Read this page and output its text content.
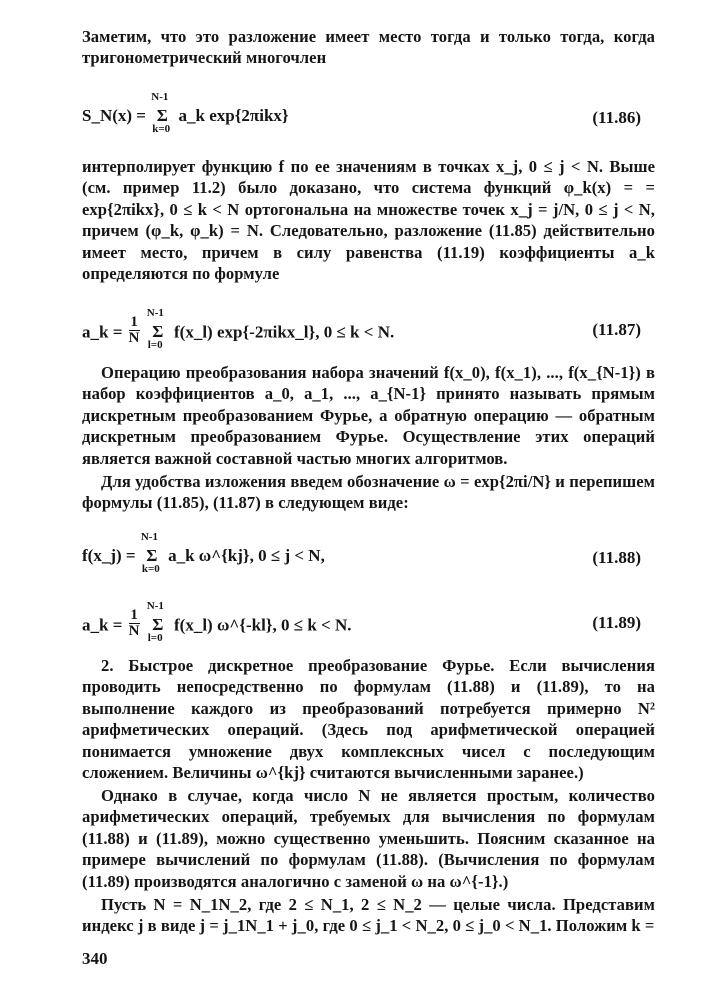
Заметим, что это разложение имеет место тогда и только тогда, когда тригонометрический многочлен

S_N(x) = Σ
N-1
k=0
a_k exp{2πikx}	(11.86)

интерполирует функцию f по ее значениям в точках x_j, 0 ≤ j < N. Выше (см. пример 11.2) было доказано, что система функций φ_k(x) = = exp{2πikx}, 0 ≤ k < N ортогональна на множестве точек x_j = j/N, 0 ≤ j < N, причем (φ_k, φ_k) = N. Следовательно, разложение (11.85) действительно имеет место, причем в силу равенства (11.19) коэффициенты a_k определяются по формуле

a_k = $\frac{1}{N}$ Σ
N-1
l=0
f(x_l) exp{-2πikx_l}, 0 ≤ k < N.	(11.87)

Операцию преобразования набора значений f(x_0), f(x_1), ..., f(x_{N-1}) в набор коэффициентов a_0, a_1, ..., a_{N-1} принято называть прямым дискретным преобразованием Фурье, а обратную операцию — обратным дискретным преобразованием Фурье. Осуществление этих операций является важной составной частью многих алгоритмов.

Для удобства изложения введем обозначение ω = exp{2πi/N} и перепишем формулы (11.85), (11.87) в следующем виде:

f(x_j) = Σ
N-1
k=0
a_k ω^{kj}, 0 ≤ j < N,	(11.88)
a_k = $\frac{1}{N}$ Σ
N-1
l=0
f(x_l) ω^{-kl}, 0 ≤ k < N.	(11.89)

2. Быстрое дискретное преобразование Фурье. Если вычисления проводить непосредственно по формулам (11.88) и (11.89), то на выполнение каждого из преобразований потребуется примерно N² арифметических операций. (Здесь под арифметической операцией понимается умножение двух комплексных чисел с последующим сложением. Величины ω^{kj} считаются вычисленными заранее.)

Однако в случае, когда число N не является простым, количество арифметических операций, требуемых для вычисления по формулам (11.88) и (11.89), можно существенно уменьшить. Поясним сказанное на примере вычислений по формулам (11.88). (Вычисления по формулам (11.89) производятся аналогично с заменой ω на ω^{-1}.)

Пусть N = N_1N_2, где 2 ≤ N_1, 2 ≤ N_2 — целые числа. Представим индекс j в виде j = j_1N_1 + j_0, где 0 ≤ j_1 < N_2, 0 ≤ j_0 < N_1. Положим k =

340
